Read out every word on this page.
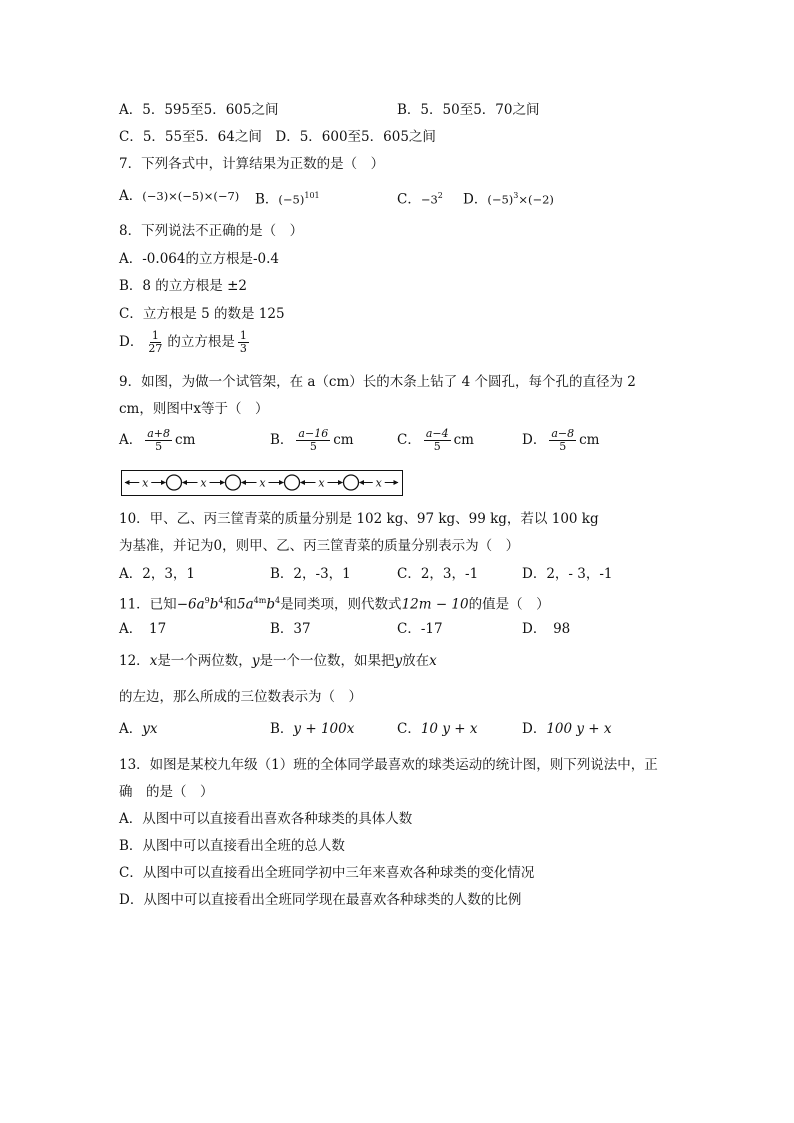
A．5．595至5．605之间	B．5．50至5．70之间
C．5．55至5．64之间　 D．5．600至5．605之间
7．下列各式中，计算结果为正数的是（　）
A．(−3)×(−5)×(−7) B．$(-5)^{101}$	C．$-3^2$ D．$(-5)^3\times(-2)$
8．下列说法不正确的是（　）
A．-0.064的立方根是-0.4
B．8 的立方根是 ±2
C．立方根是 5 的数是 125
D． $\frac{1}{27}$ 的立方根是 $\frac{1}{3}$
9．如图，为做一个试管架，在 a（cm）长的木条上钻了 4 个圆孔，每个孔的直径为 2
cm，则图中x等于（　）
A． $\frac{a+8}{5}$ cm	B． $\frac{a-16}{5}$ cm	C． $\frac{a-4}{5}$ cm	D． $\frac{a-8}{5}$ cm
x	x	x	x	x
10．甲、乙、丙三筐青菜的质量分别是 102 kg、97 kg、99 kg，若以 100 kg
为基准，并记为0，则甲、乙、丙三筐青菜的质量分别表示为（　）
A．2，3，1	B．2，-3，1	C．2，3，-1	D．2，- 3，-1
11．已知$-6a^9b^4$和$5a^{4m}b^4$是同类项，则代数式12m − 10的值是（　）
A．　17	B．37	C．-17	D．　98
12．x是一个两位数，y是一个一位数，如果把y放在x
的左边，那么所成的三位数表示为（　）
A．yx	B．y + 100x	C．10 y + x	D．100 y + x
13．如图是某校九年级（1）班的全体同学最喜欢的球类运动的统计图，则下列说法中，正
确　的是（　）
A．从图中可以直接看出喜欢各种球类的具体人数
B．从图中可以直接看出全班的总人数
C．从图中可以直接看出全班同学初中三年来喜欢各种球类的变化情况
D．从图中可以直接看出全班同学现在最喜欢各种球类的人数的比例
